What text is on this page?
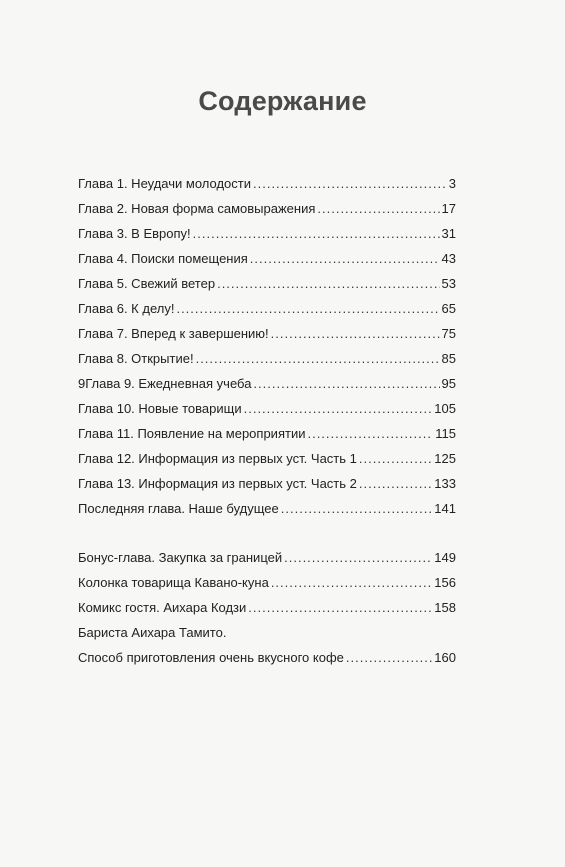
Содержание
Глава 1. Неудачи молодости .....	3
Глава 2. Новая форма самовыражения .....	17
Глава 3. В Европу! .....	31
Глава 4. Поиски помещения .....	43
Глава 5. Свежий ветер .....	53
Глава 6. К делу! .....	65
Глава 7. Вперед к завершению! .....	75
Глава 8. Открытие! .....	85
9Глава 9. Ежедневная учеба .....	95
Глава 10. Новые товарищи .....	105
Глава 11. Появление на мероприятии .....	115
Глава 12. Информация из первых уст. Часть 1 .....	125
Глава 13. Информация из первых уст. Часть 2 .....	133
Последняя глава. Наше будущее .....	141
Бонус-глава. Закупка за границей .....	149
Колонка товарища Кавано-куна .....	156
Комикс гостя. Аихара Кодзи .....	158
Бариста Аихара Тамито.
Способ приготовления очень вкусного кофе .....	160
